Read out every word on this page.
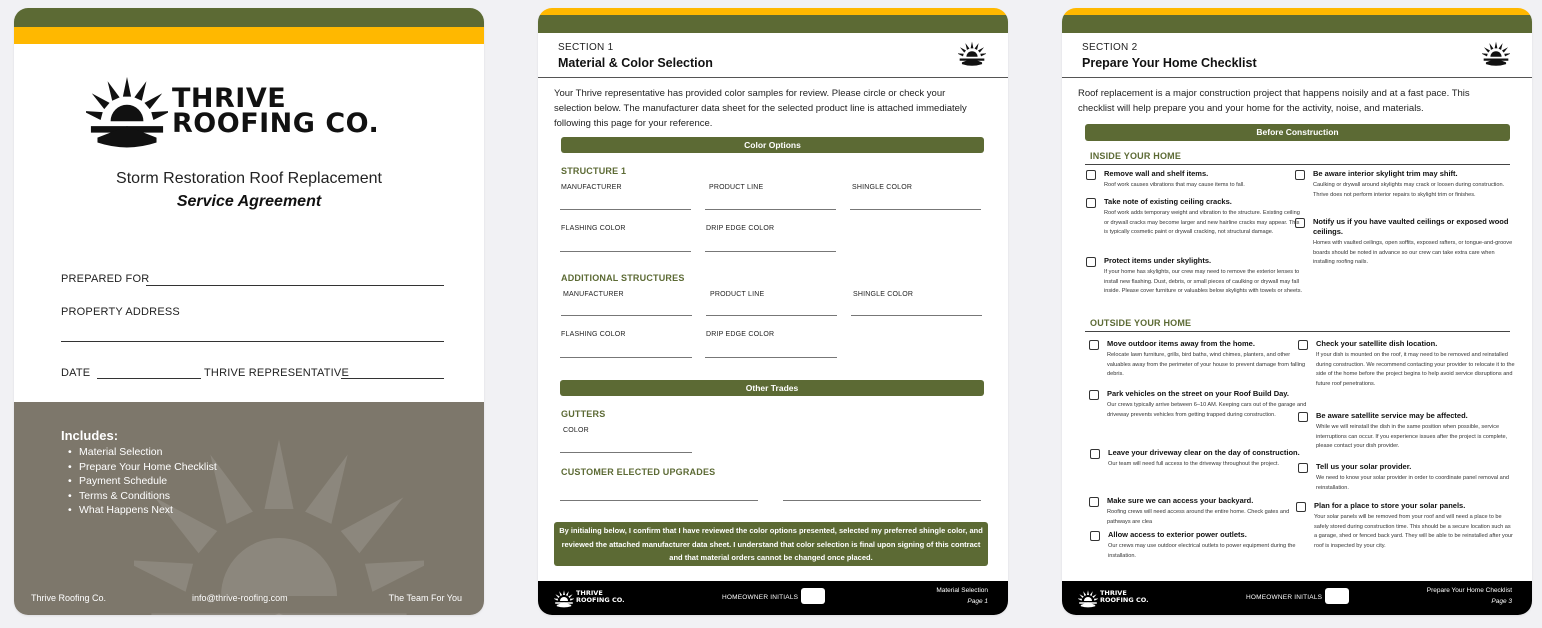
THRIVE
ROOFING CO.
Storm Restoration Roof Replacement
Service Agreement
PREPARED FOR
PROPERTY ADDRESS
DATE	THRIVE REPRESENTATIVE
Includes:
• Material Selection
• Prepare Your Home Checklist
• Payment Schedule
• Terms & Conditions
• What Happens Next
Thrive Roofing Co.	info@thrive-roofing.com	The Team For You
SECTION 1
Material & Color Selection
Your Thrive representative has provided color samples for review. Please circle or check your selection below. The manufacturer data sheet for the selected product line is attached immediately following this page for your reference.
Color Options
STRUCTURE 1
MANUFACTURER	PRODUCT LINE	SHINGLE COLOR
FLASHING COLOR	DRIP EDGE COLOR
ADDITIONAL STRUCTURES
MANUFACTURER	PRODUCT LINE	SHINGLE COLOR
FLASHING COLOR	DRIP EDGE COLOR
Other Trades
GUTTERS
COLOR
CUSTOMER ELECTED UPGRADES
By initialing below, I confirm that I have reviewed the color options presented, selected my preferred shingle color, and reviewed the attached manufacturer data sheet. I understand that color selection is final upon signing of this contract and that material orders cannot be changed once placed.
THRIVE
ROOFING CO.	HOMEOWNER INITIALS
Material Selection
Page 1
SECTION 2
Prepare Your Home Checklist
Roof replacement is a major construction project that happens noisily and at a fast pace. This checklist will help prepare you and your home for the activity, noise, and materials.
Before Construction
INSIDE YOUR HOME
Remove wall and shelf items.
Roof work causes vibrations that may cause items to fall.
Take note of existing ceiling cracks.
Roof work adds temporary weight and vibration to the structure. Existing ceiling or drywall cracks may become larger and new hairline cracks may appear. This is typically cosmetic paint or drywall cracking, not structural damage.
Protect items under skylights.
If your home has skylights, our crew may need to remove the exterior lenses to install new flashing. Dust, debris, or small pieces of caulking or drywall may fall inside. Please cover furniture or valuables below skylights with towels or sheets.
Be aware interior skylight trim may shift.
Caulking or drywall around skylights may crack or loosen during construction. Thrive does not perform interior repairs to skylight trim or finishes.
Notify us if you have vaulted ceilings or exposed wood ceilings.
Homes with vaulted ceilings, open soffits, exposed rafters, or tongue-and-groove boards should be noted in advance so our crew can take extra care when installing roofing nails.
OUTSIDE YOUR HOME
Move outdoor items away from the home.
Relocate lawn furniture, grills, bird baths, wind chimes, planters, and other valuables away from the perimeter of your house to prevent damage from falling debris.
Park vehicles on the street on your Roof Build Day.
Our crews typically arrive between 6–10 AM. Keeping cars out of the garage and driveway prevents vehicles from getting trapped during construction.
Leave your driveway clear on the day of construction.
Our team will need full access to the driveway throughout the project.
Make sure we can access your backyard.
Roofing crews will need access around the entire home. Check gates and pathways are clea
Allow access to exterior power outlets.
Our crews may use outdoor electrical outlets to power equipment during the installation.
Check your satellite dish location.
If your dish is mounted on the roof, it may need to be removed and reinstalled during construction. We recommend contacting your provider to relocate it to the side of the home before the project begins to help avoid service disruptions and future roof penetrations.
Be aware satellite service may be affected.
While we will reinstall the dish in the same position when possible, service interruptions can occur. If you experience issues after the project is complete, please contact your dish provider.
Tell us your solar provider.
We need to know your solar provider in order to coordinate panel removal and reinstallation.
Plan for a place to store your solar panels.
Your solar panels will be removed from your roof and will need a place to be safely stored during construction time. This should be a secure location such as a garage, shed or fenced back yard. They will be able to be reinstalled after your roof is inspected by your city.
THRIVE
ROOFING CO.	HOMEOWNER INITIALS
Prepare Your Home Checklist
Page 3
